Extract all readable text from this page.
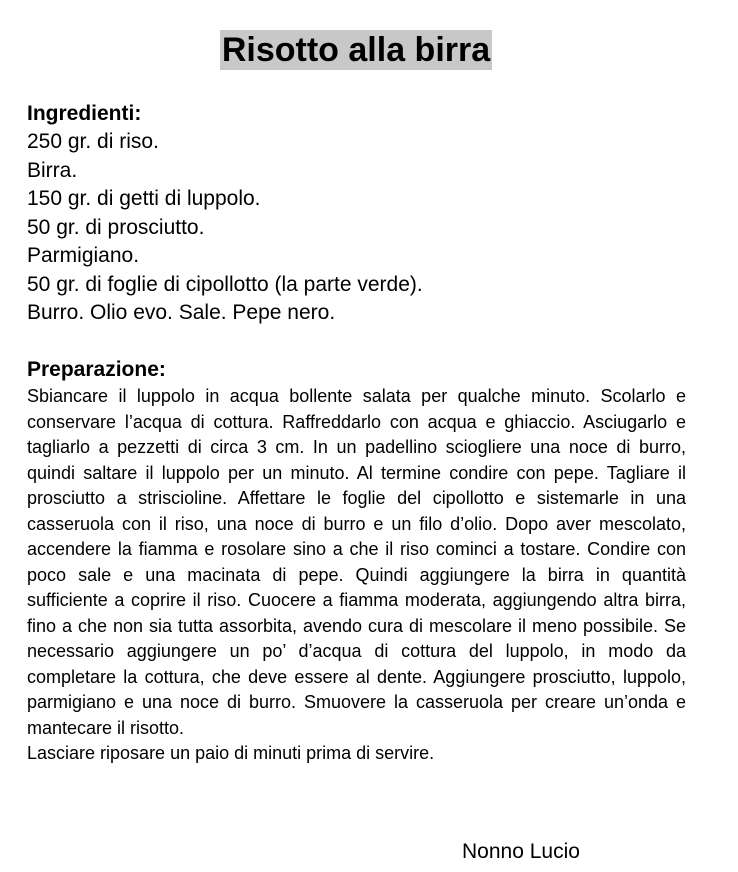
Risotto alla birra

Ingredienti:

250 gr. di riso.
Birra.
150 gr. di getti di luppolo.
50 gr. di prosciutto.
Parmigiano.
50 gr. di foglie di cipollotto (la parte verde).
Burro. Olio evo. Sale. Pepe nero.

Preparazione:

Sbiancare il luppolo in acqua bollente salata per qualche minuto. Scolarlo e conservare l’acqua di cottura. Raffreddarlo con acqua e ghiaccio. Asciugarlo e tagliarlo a pezzetti di circa 3 cm. In un padellino sciogliere una noce di burro, quindi saltare il luppolo per un minuto. Al termine condire con pepe. Tagliare il prosciutto a striscioline. Affettare le foglie del cipollotto e sistemarle in una casseruola con il riso, una noce di burro e un filo d’olio. Dopo aver mescolato, accendere la fiamma e rosolare sino a che il riso cominci a tostare. Condire con poco sale e una macinata di pepe. Quindi aggiungere la birra in quantità sufficiente a coprire il riso. Cuocere a fiamma moderata, aggiungendo altra birra, fino a che non sia tutta assorbita, avendo cura di mescolare il meno possibile. Se necessario aggiungere un po’ d’acqua di cottura del luppolo, in modo da completare la cottura, che deve essere al dente. Aggiungere prosciutto, luppolo, parmigiano e una noce di burro. Smuovere la casseruola per creare un’onda e mantecare il risotto.

Lasciare riposare un paio di minuti prima di servire.

Nonno Lucio
